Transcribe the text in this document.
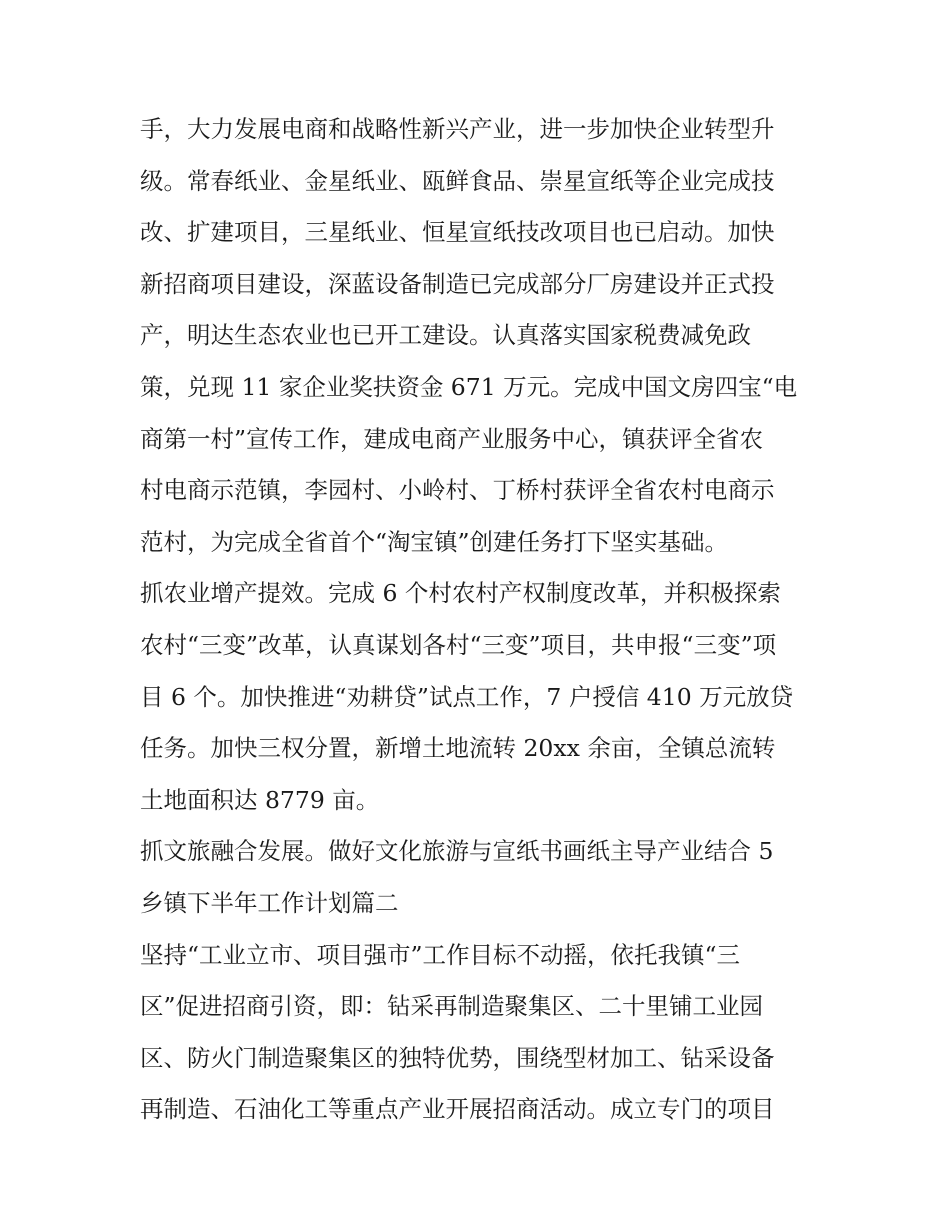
手，大力发展电商和战略性新兴产业，进一步加快企业转型升
级。常春纸业、金星纸业、瓯鲜食品、崇星宣纸等企业完成技
改、扩建项目，三星纸业、恒星宣纸技改项目也已启动。加快
新招商项目建设，深蓝设备制造已完成部分厂房建设并正式投
产，明达生态农业也已开工建设。认真落实国家税费减免政
策，兑现 11 家企业奖扶资金 671 万元。完成中国文房四宝“电
商第一村”宣传工作，建成电商产业服务中心，镇获评全省农
村电商示范镇，李园村、小岭村、丁桥村获评全省农村电商示
范村，为完成全省首个“淘宝镇”创建任务打下坚实基础。
抓农业增产提效。完成 6 个村农村产权制度改革，并积极探索
农村“三变”改革，认真谋划各村“三变”项目，共申报“三变”项
目 6 个。加快推进“劝耕贷”试点工作，7 户授信 410 万元放贷
任务。加快三权分置，新增土地流转 20xx 余亩，全镇总流转
土地面积达 8779 亩。
抓文旅融合发展。做好文化旅游与宣纸书画纸主导产业结合 5
乡镇下半年工作计划篇二
坚持“工业立市、项目强市”工作目标不动摇，依托我镇“三
区”促进招商引资，即：钻采再制造聚集区、二十里铺工业园
区、防火门制造聚集区的独特优势，围绕型材加工、钻采设备
再制造、石油化工等重点产业开展招商活动。成立专门的项目
